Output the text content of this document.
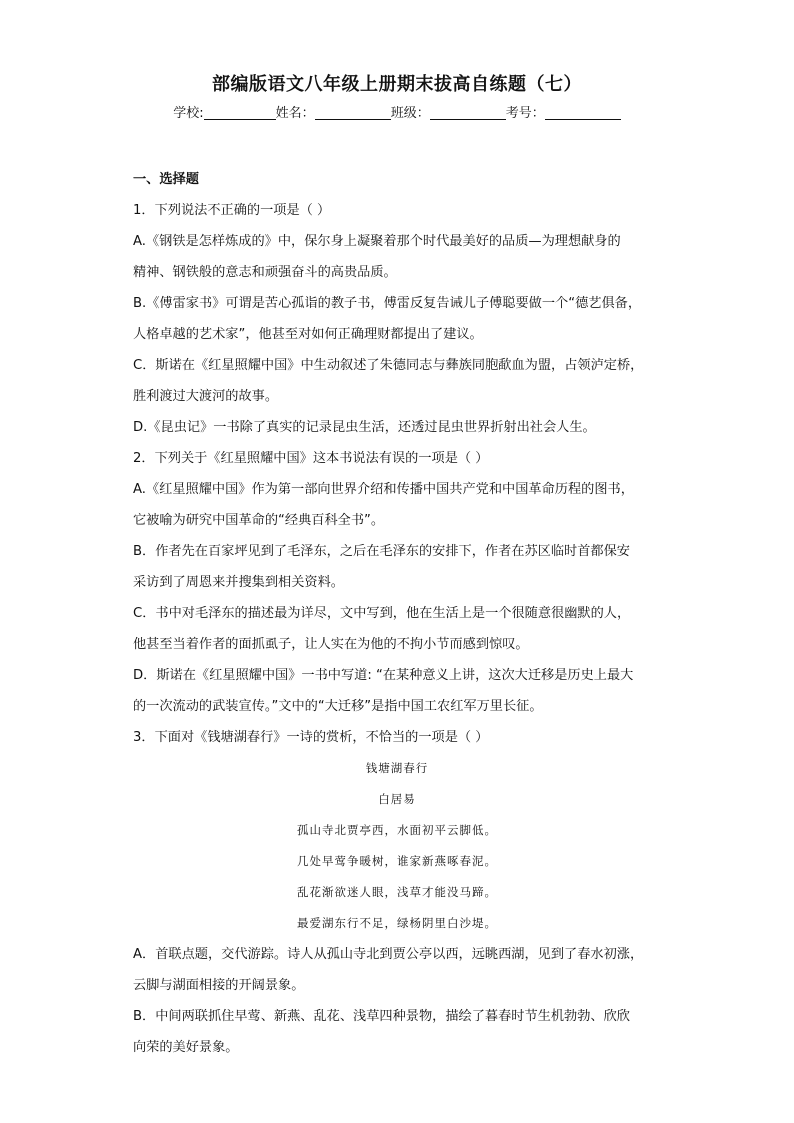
部编版语文八年级上册期末拔高自练题（七）
学校:	姓名：	班级：	考号：
一、选择题
1．下列说法不正确的一项是（ ）
A.《钢铁是怎样炼成的》中，保尔身上凝聚着那个时代最美好的品质—为理想献身的
精神、钢铁般的意志和顽强奋斗的高贵品质。
B.《傅雷家书》可谓是苦心孤诣的教子书，傅雷反复告诫儿子傅聪要做一个“德艺俱备，
人格卓越的艺术家”，他甚至对如何正确理财都提出了建议。
C．斯诺在《红星照耀中国》中生动叙述了朱德同志与彝族同胞歃血为盟，占领泸定桥，
胜利渡过大渡河的故事。
D.《昆虫记》一书除了真实的记录昆虫生活，还透过昆虫世界折射出社会人生。
2．下列关于《红星照耀中国》这本书说法有误的一项是（ ）
A.《红星照耀中国》作为第一部向世界介绍和传播中国共产党和中国革命历程的图书，
它被喻为研究中国革命的“经典百科全书”。
B．作者先在百家坪见到了毛泽东，之后在毛泽东的安排下，作者在苏区临时首都保安
采访到了周恩来并搜集到相关资料。
C．书中对毛泽东的描述最为详尽，文中写到，他在生活上是一个很随意很幽默的人，
他甚至当着作者的面抓虱子，让人实在为他的不拘小节而感到惊叹。
D．斯诺在《红星照耀中国》一书中写道: “在某种意义上讲，这次大迁移是历史上最大
的一次流动的武装宣传。”文中的“大迁移”是指中国工农红军万里长征。
3．下面对《钱塘湖春行》一诗的赏析，不恰当的一项是（ ）
钱塘湖春行
白居易
孤山寺北贾亭西，水面初平云脚低。
几处早莺争暖树，谁家新燕啄春泥。
乱花渐欲迷人眼，浅草才能没马蹄。
最爱湖东行不足，绿杨阴里白沙堤。
A．首联点题，交代游踪。诗人从孤山寺北到贾公亭以西，远眺西湖，见到了春水初涨，
云脚与湖面相接的开阔景象。
B．中间两联抓住早莺、新燕、乱花、浅草四种景物，描绘了暮春时节生机勃勃、欣欣
向荣的美好景象。
